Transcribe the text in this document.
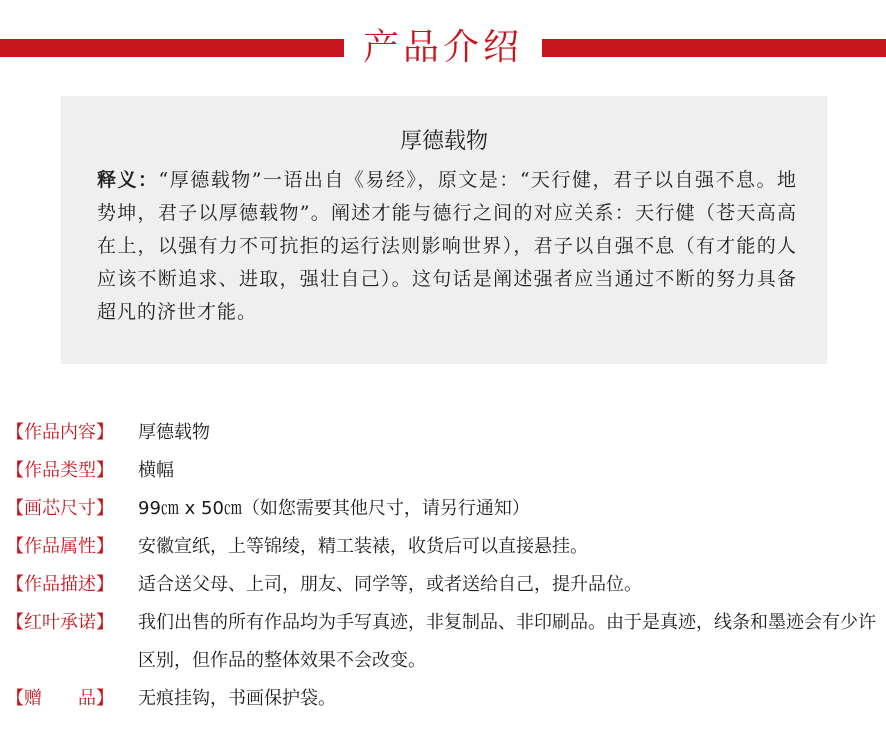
产品介绍
厚德载物
释义：“厚德载物”一语出自《易经》，原文是：“天行健，君子以自强不息。地势坤，君子以厚德载物”。阐述才能与德行之间的对应关系：天行健（苍天高高在上，以强有力不可抗拒的运行法则影响世界），君子以自强不息（有才能的人应该不断追求、进取，强壮自己）。这句话是阐述强者应当通过不断的努力具备超凡的济世才能。
【作品内容】	厚德载物
【作品类型】	横幅
【画芯尺寸】	99㎝ x 50㎝（如您需要其他尺寸，请另行通知）
【作品属性】	安徽宣纸，上等锦绫，精工装裱，收货后可以直接悬挂。
【作品描述】	适合送父母、上司，朋友、同学等，或者送给自己，提升品位。
【红叶承诺】	我们出售的所有作品均为手写真迹，非复制品、非印刷品。由于是真迹，线条和墨迹会有少许区别，但作品的整体效果不会改变。
【赠　　品】	无痕挂钩，书画保护袋。
